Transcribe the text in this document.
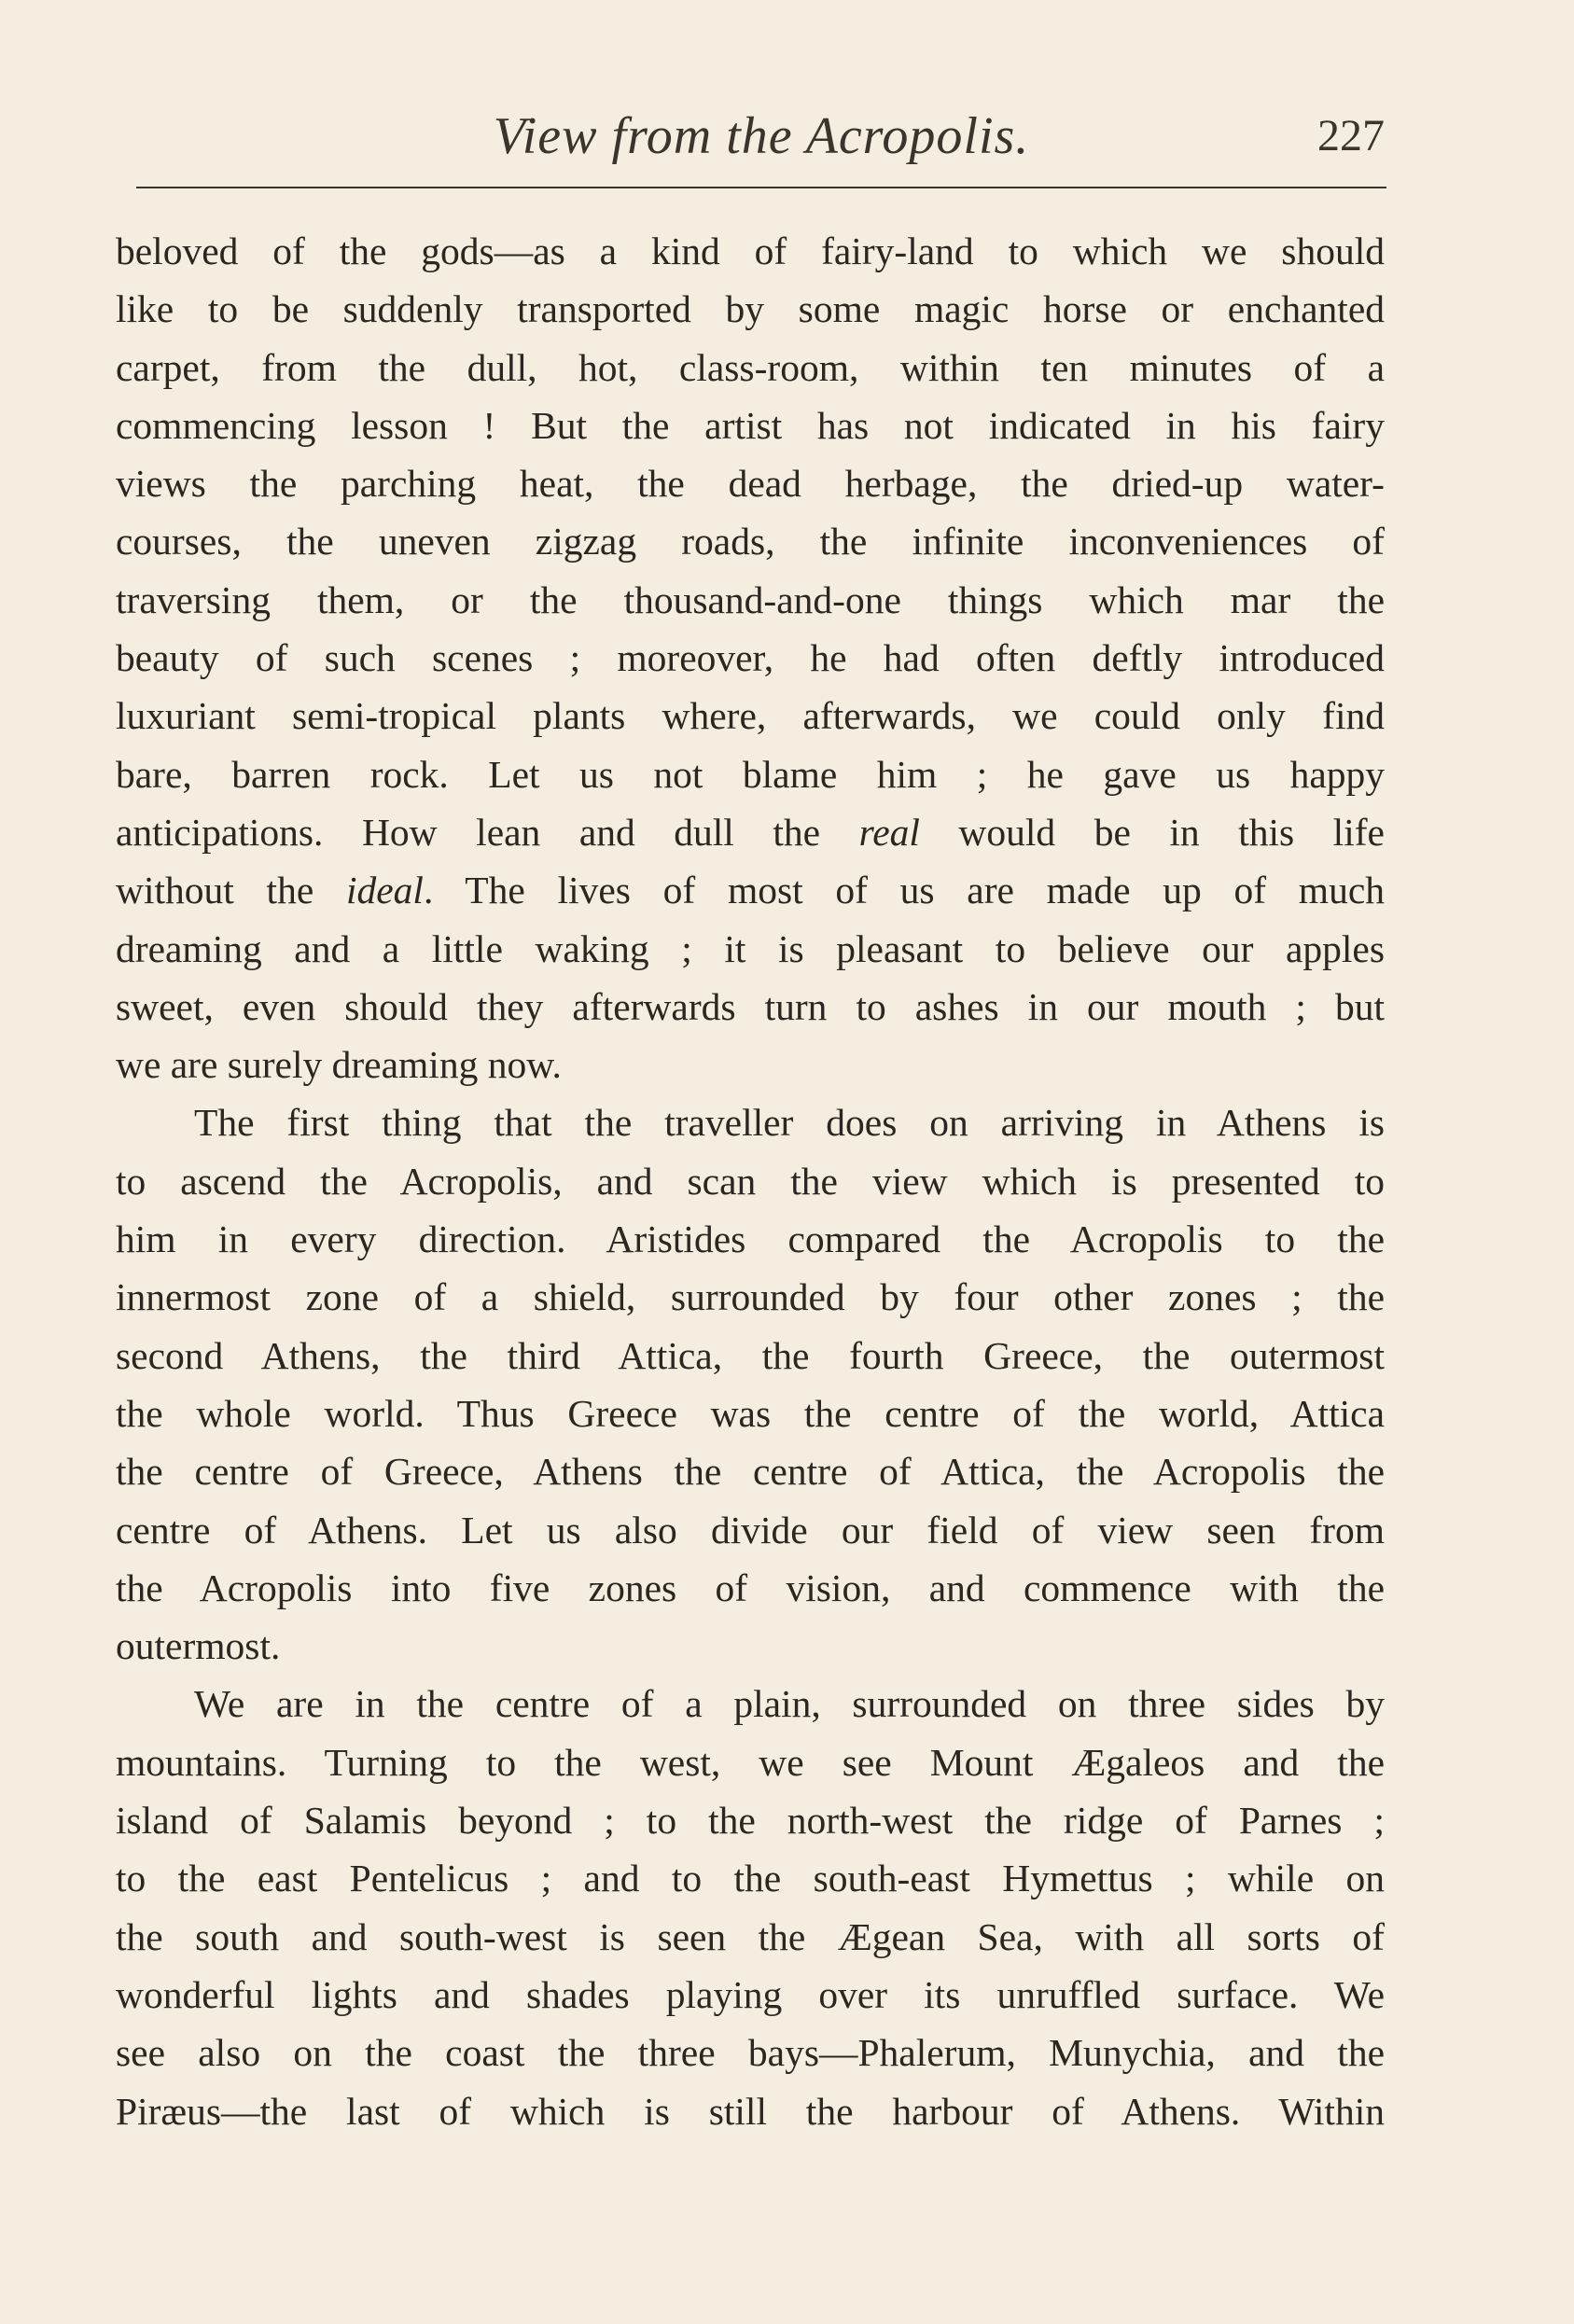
View from the Acropolis.	227
beloved of the gods—as a kind of fairy-land to which we should
like to be suddenly transported by some magic horse or enchanted
carpet, from the dull, hot, class-room, within ten minutes of a
commencing lesson ! But the artist has not indicated in his fairy
views the parching heat, the dead herbage, the dried-up water-
courses, the uneven zigzag roads, the infinite inconveniences of
traversing them, or the thousand-and-one things which mar the
beauty of such scenes ; moreover, he had often deftly introduced
luxuriant semi-tropical plants where, afterwards, we could only find
bare, barren rock. Let us not blame him ; he gave us happy
anticipations. How lean and dull the real would be in this life
without the ideal. The lives of most of us are made up of much
dreaming and a little waking ; it is pleasant to believe our apples
sweet, even should they afterwards turn to ashes in our mouth ; but
we are surely dreaming now.
The first thing that the traveller does on arriving in Athens is
to ascend the Acropolis, and scan the view which is presented to
him in every direction. Aristides compared the Acropolis to the
innermost zone of a shield, surrounded by four other zones ; the
second Athens, the third Attica, the fourth Greece, the outermost
the whole world. Thus Greece was the centre of the world, Attica
the centre of Greece, Athens the centre of Attica, the Acropolis the
centre of Athens. Let us also divide our field of view seen from
the Acropolis into five zones of vision, and commence with the
outermost.
We are in the centre of a plain, surrounded on three sides by
mountains. Turning to the west, we see Mount Ægaleos and the
island of Salamis beyond ; to the north-west the ridge of Parnes ;
to the east Pentelicus ; and to the south-east Hymettus ; while on
the south and south-west is seen the Ægean Sea, with all sorts of
wonderful lights and shades playing over its unruffled surface. We
see also on the coast the three bays—Phalerum, Munychia, and the
Piræus—the last of which is still the harbour of Athens. Within
